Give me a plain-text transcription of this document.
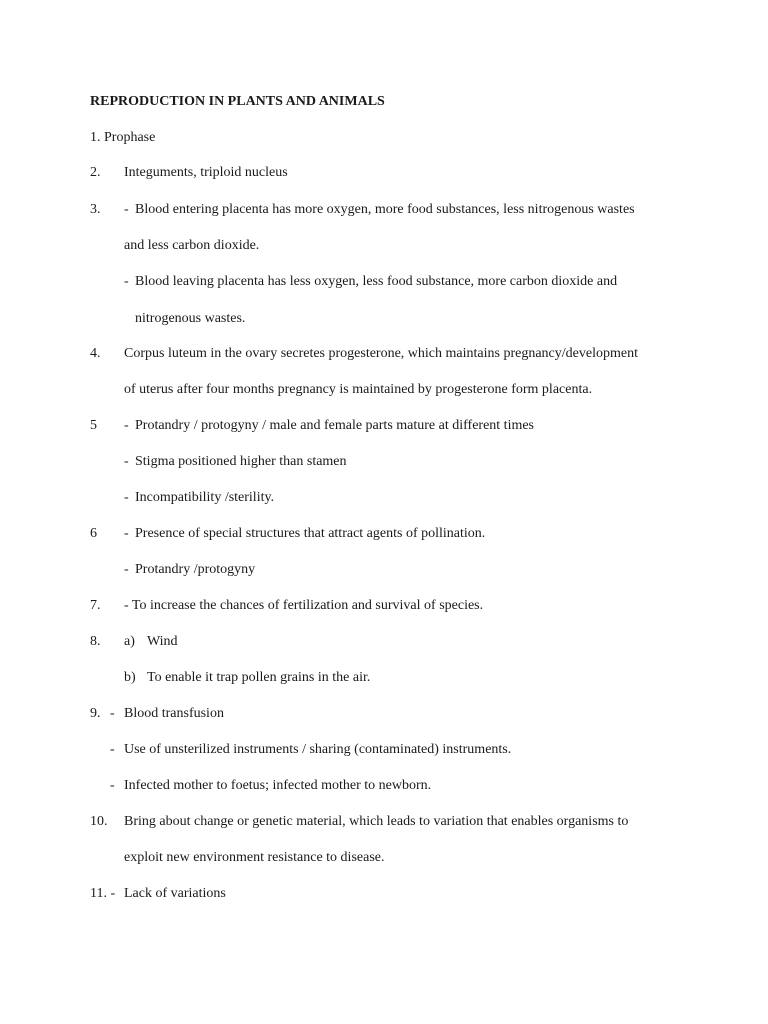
REPRODUCTION IN PLANTS AND ANIMALS
1. Prophase
2. Integuments, triploid nucleus
3. - Blood entering placenta has more oxygen, more food substances, less nitrogenous wastes
and less carbon dioxide.
- Blood leaving placenta has less oxygen, less food substance, more carbon dioxide and
nitrogenous wastes.
4. Corpus luteum in the ovary secretes progesterone, which maintains pregnancy/development
of uterus after four months pregnancy is maintained by progesterone form placenta.
5 - Protandry / protogyny / male and female parts mature at different times
- Stigma positioned higher than stamen
- Incompatibility /sterility.
6 - Presence of special structures that attract agents of pollination.
- Protandry /protogyny
7. - To increase the chances of fertilization and survival of species.
8. a) Wind
b) To enable it trap pollen grains in the air.
9. - Blood transfusion
- Use of unsterilized instruments / sharing (contaminated) instruments.
- Infected mother to foetus; infected mother to newborn.
10. Bring about change or genetic material, which leads to variation that enables organisms to
exploit new environment resistance to disease.
11. - Lack of variations
